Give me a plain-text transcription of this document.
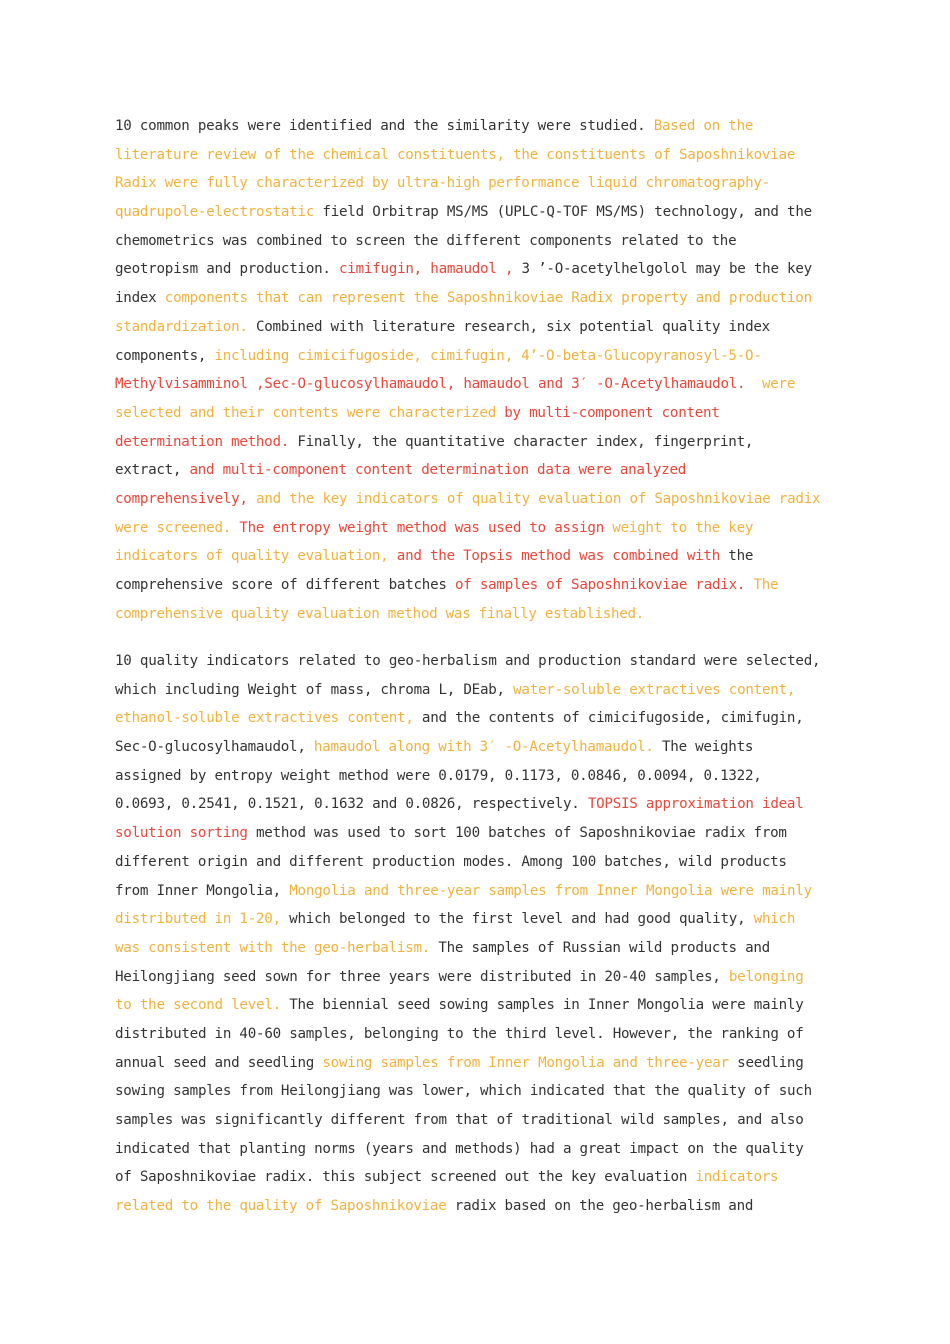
10 common peaks were identified and the similarity were studied. Based on the
literature review of the chemical constituents, the constituents of Saposhnikoviae
Radix were fully characterized by ultra-high performance liquid chromatography-
quadrupole-electrostatic field Orbitrap MS/MS (UPLC-Q-TOF MS/MS) technology, and the
chemometrics was combined to screen the different components related to the
geotropism and production. cimifugin, hamaudol , 3 ’-O-acetylhelgolol may be the key
index components that can represent the Saposhnikoviae Radix property and production
standardization. Combined with literature research, six potential quality index
components, including cimicifugoside, cimifugin, 4’-O-beta-Glucopyranosyl-5-O-
Methylvisamminol ,Sec-O-glucosylhamaudol, hamaudol and 3′ -O-Acetylhamaudol.  were
selected and their contents were characterized by multi-component content
determination method. Finally, the quantitative character index, fingerprint,
extract, and multi-component content determination data were analyzed
comprehensively, and the key indicators of quality evaluation of Saposhnikoviae radix
were screened. The entropy weight method was used to assign weight to the key
indicators of quality evaluation, and the Topsis method was combined with the
comprehensive score of different batches of samples of Saposhnikoviae radix. The
comprehensive quality evaluation method was finally established.
10 quality indicators related to geo-herbalism and production standard were selected,
which including Weight of mass, chroma L, DEab, water-soluble extractives content,
ethanol-soluble extractives content, and the contents of cimicifugoside, cimifugin,
Sec-O-glucosylhamaudol, hamaudol along with 3′ -O-Acetylhamaudol. The weights
assigned by entropy weight method were 0.0179, 0.1173, 0.0846, 0.0094, 0.1322,
0.0693, 0.2541, 0.1521, 0.1632 and 0.0826, respectively. TOPSIS approximation ideal
solution sorting method was used to sort 100 batches of Saposhnikoviae radix from
different origin and different production modes. Among 100 batches, wild products
from Inner Mongolia, Mongolia and three-year samples from Inner Mongolia were mainly
distributed in 1-20, which belonged to the first level and had good quality, which
was consistent with the geo-herbalism. The samples of Russian wild products and
Heilongjiang seed sown for three years were distributed in 20-40 samples, belonging
to the second level. The biennial seed sowing samples in Inner Mongolia were mainly
distributed in 40-60 samples, belonging to the third level. However, the ranking of
annual seed and seedling sowing samples from Inner Mongolia and three-year seedling
sowing samples from Heilongjiang was lower, which indicated that the quality of such
samples was significantly different from that of traditional wild samples, and also
indicated that planting norms (years and methods) had a great impact on the quality
of Saposhnikoviae radix. this subject screened out the key evaluation indicators
related to the quality of Saposhnikoviae radix based on the geo-herbalism and
